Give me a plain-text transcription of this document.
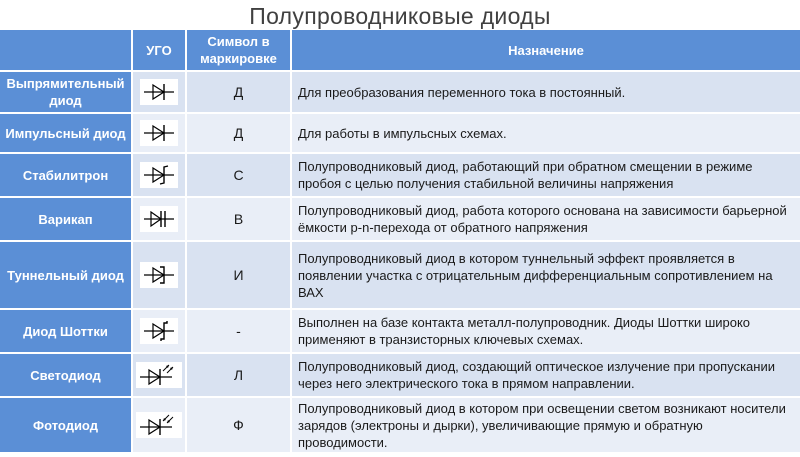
Полупроводниковые диоды
	УГО	Символ в маркировке	Назначение
Выпрямительный диод		Д	Для преобразования переменного тока в постоянный.
Импульсный диод		Д	Для работы в импульсных схемах.
Стабилитрон		С	Полупроводниковый диод, работающий при обратном смещении в режиме пробоя с целью получения стабильной величины напряжения
Варикап		В	Полупроводниковый диод, работа которого основана на зависимости барьерной ёмкости p-n-перехода от обратного напряжения
Туннельный диод		И	Полупроводниковый диод в котором туннельный эффект проявляется в появлении участка с отрицательным дифференциальным сопротивлением на ВАХ
Диод Шоттки		-	Выполнен на базе контакта металл-полупроводник. Диоды Шоттки широко применяют в транзисторных ключевых схемах.
Светодиод		Л	Полупроводниковый диод, создающий оптическое излучение при пропускании через него электрического тока в прямом направлении.
Фотодиод		Ф	Полупроводниковый диод в котором при освещении светом возникают носители зарядов (электроны и дырки), увеличивающие прямую и обратную проводимости.
